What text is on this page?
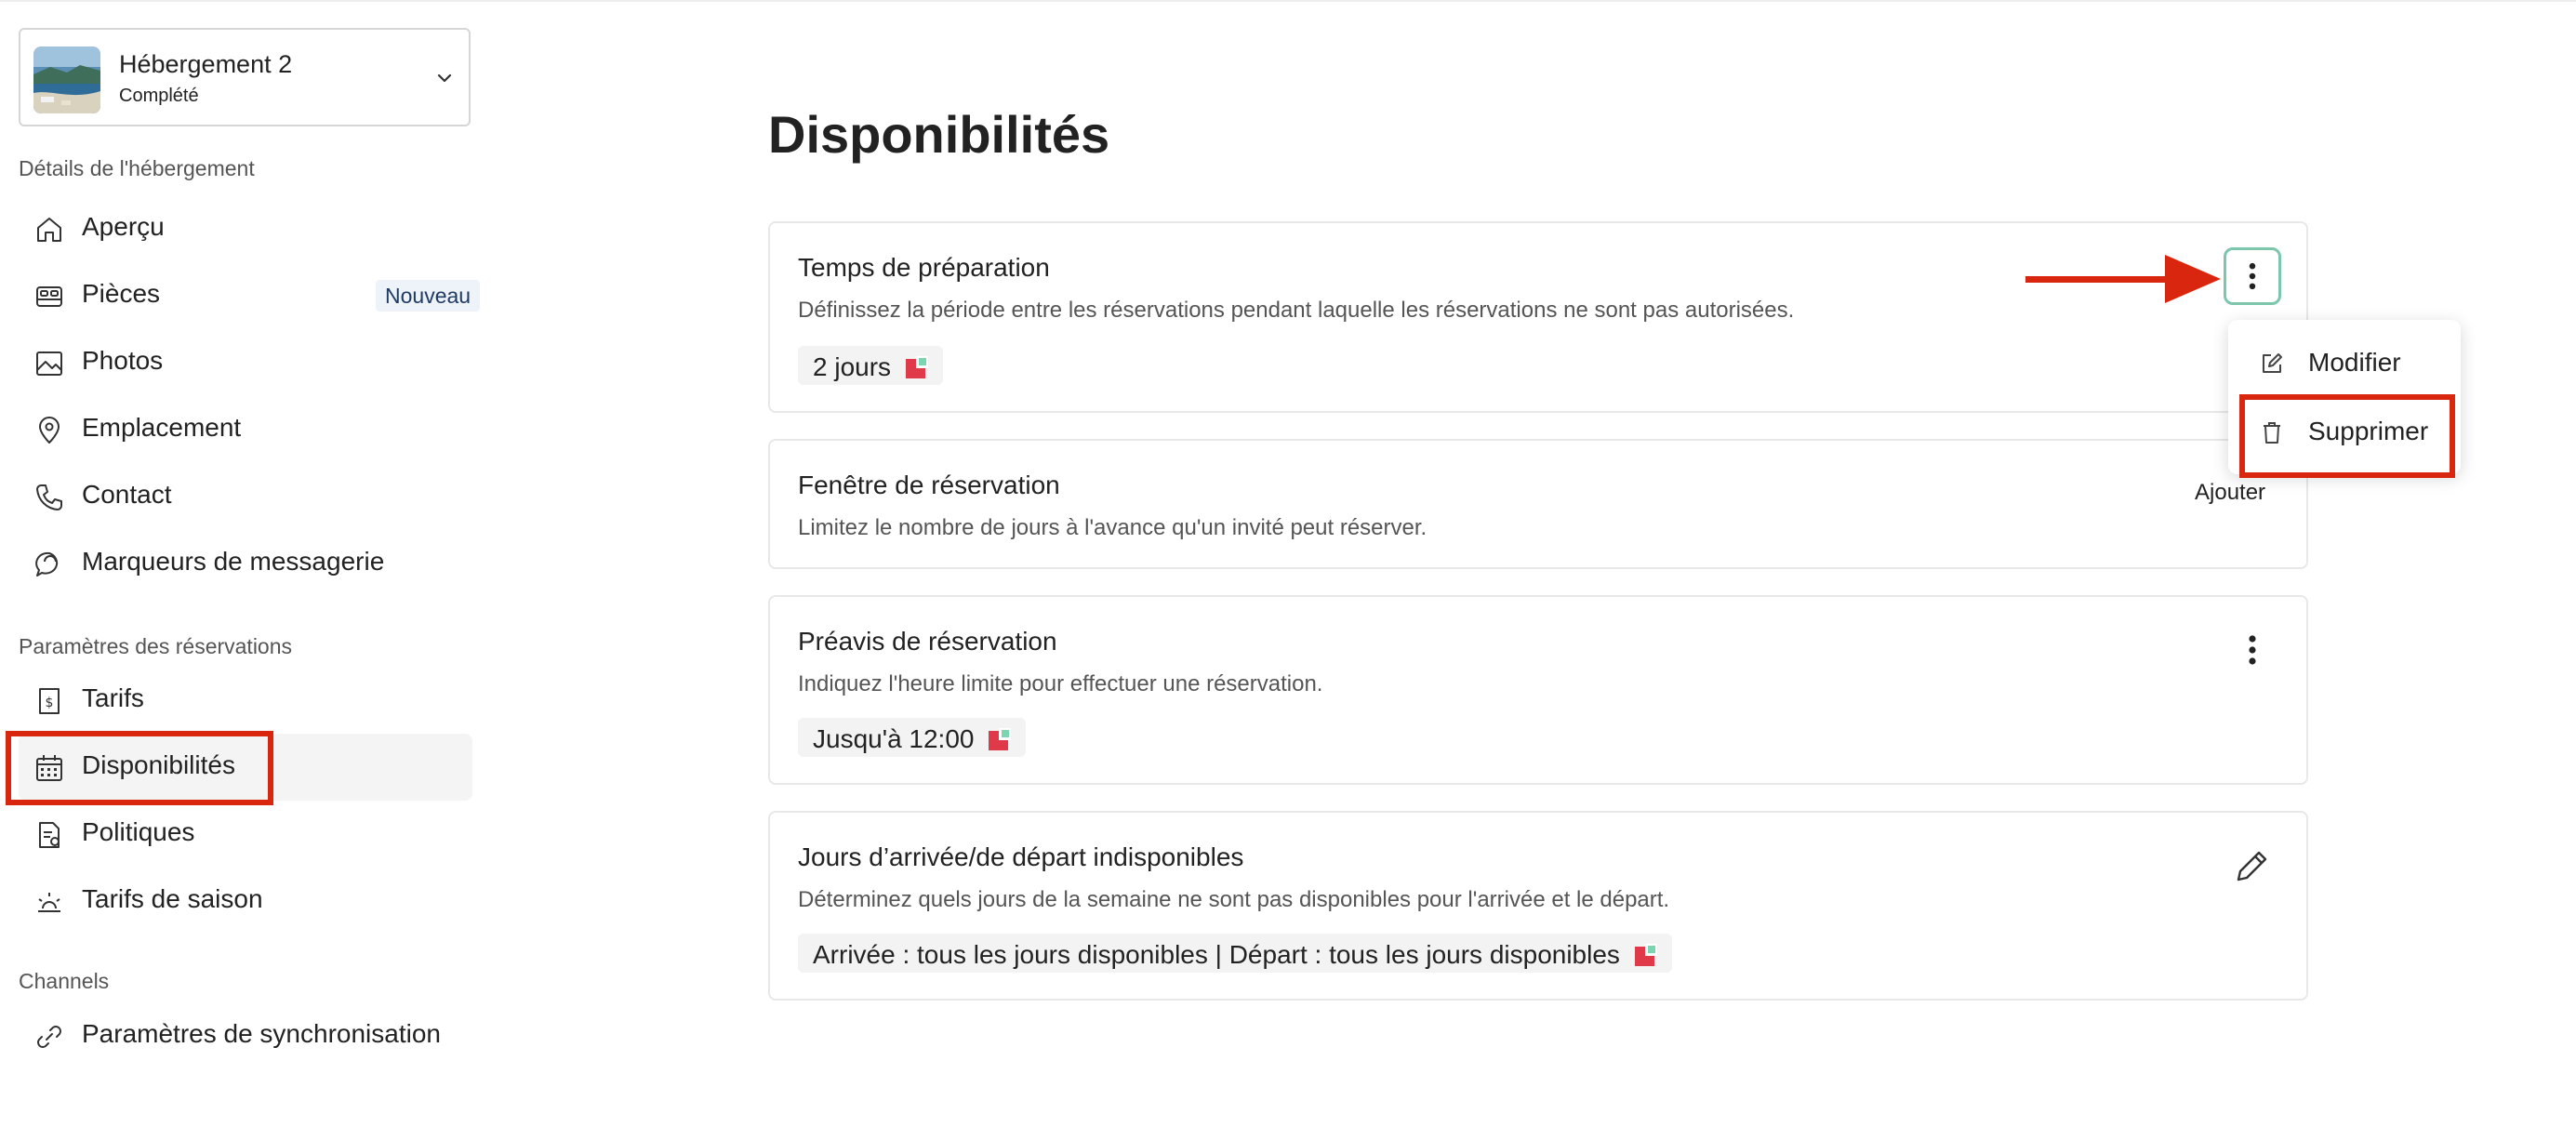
Hébergement 2
Complété
Détails de l'hébergement
Aperçu
Pièces	Nouveau
Photos
Emplacement
Contact
Marqueurs de messagerie
Paramètres des réservations
$ Tarifs
Disponibilités
Politiques
Tarifs de saison
Channels
Paramètres de synchronisation
Disponibilités
Temps de préparation
Définissez la période entre les réservations pendant laquelle les réservations ne sont pas autorisées.
2 jours
Fenêtre de réservation
Limitez le nombre de jours à l'avance qu'un invité peut réserver.
Ajouter
Préavis de réservation
Indiquez l'heure limite pour effectuer une réservation.
Jusqu'à 12:00
Jours d’arrivée/de départ indisponibles
Déterminez quels jours de la semaine ne sont pas disponibles pour l'arrivée et le départ.
Arrivée : tous les jours disponibles | Départ : tous les jours disponibles
Modifier
Supprimer
